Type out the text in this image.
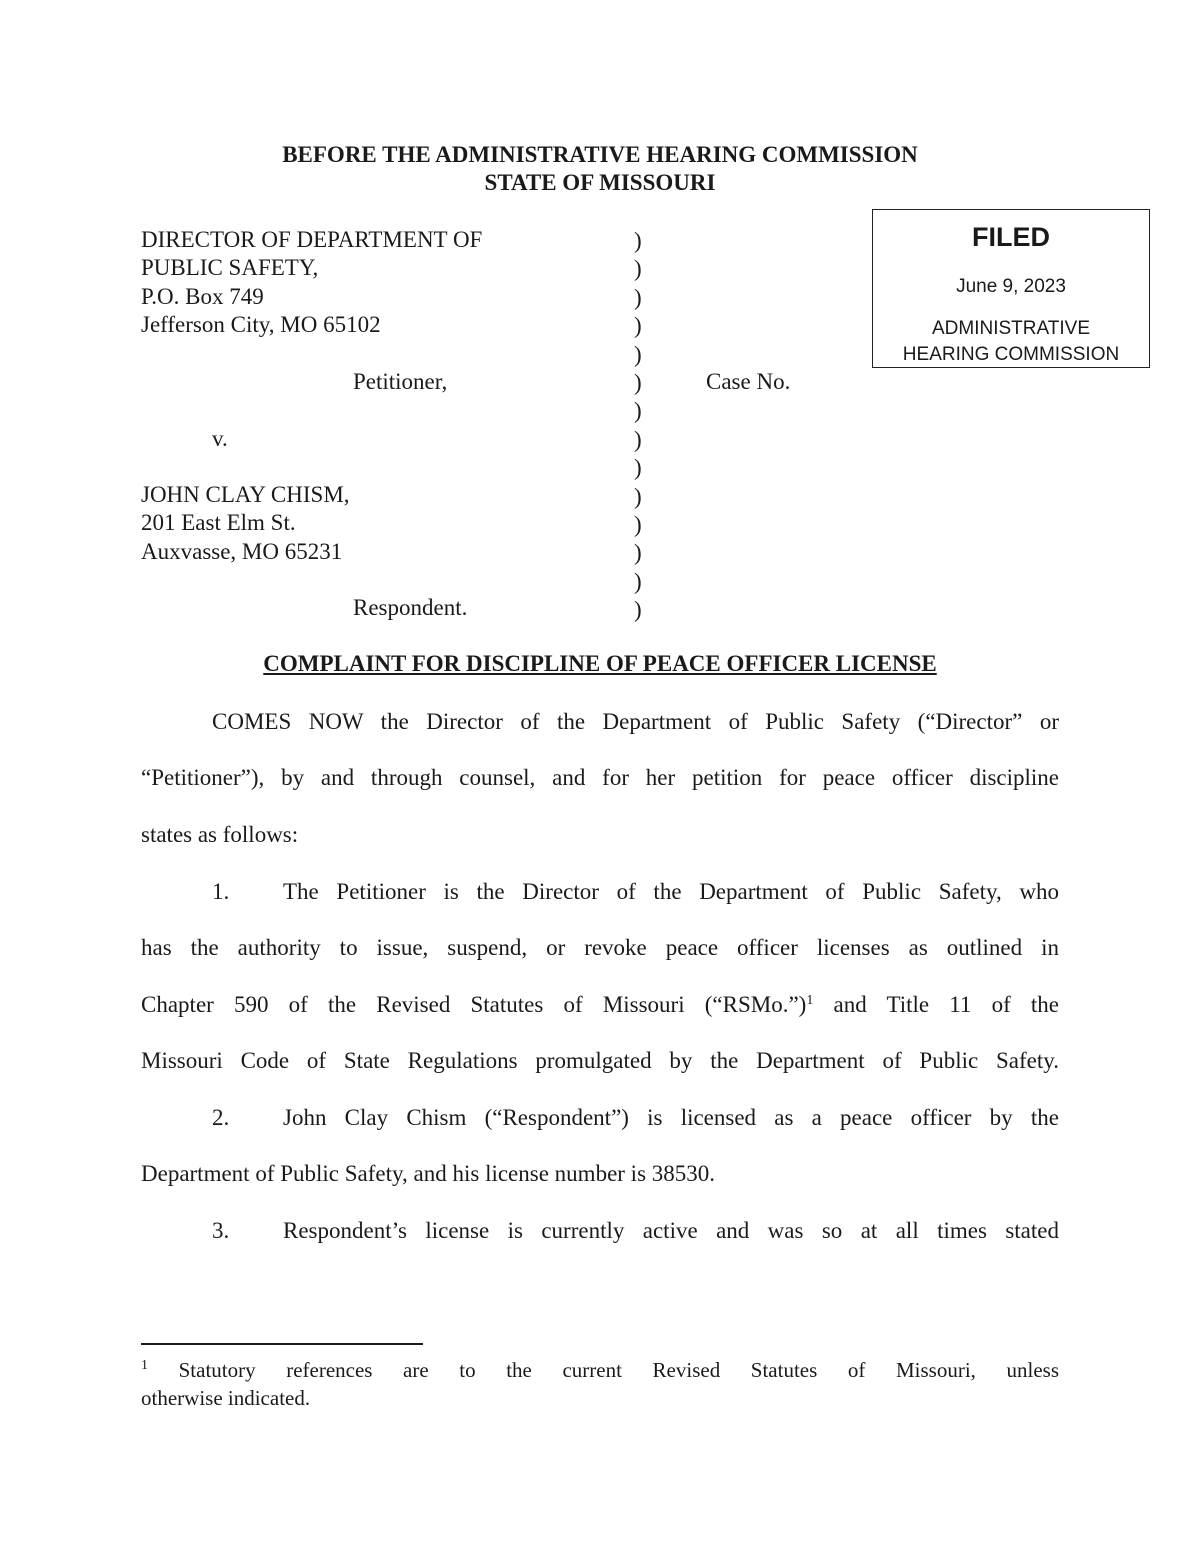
BEFORE THE ADMINISTRATIVE HEARING COMMISSION
STATE OF MISSOURI
FILED
June 9, 2023
ADMINISTRATIVE
HEARING COMMISSION
DIRECTOR OF DEPARTMENT OF
PUBLIC SAFETY,
P.O. Box 749
Jefferson City, MO 65102
Petitioner,
v.
JOHN CLAY CHISM,
201 East Elm St.
Auxvasse, MO 65231
Respondent.
Case No.
)
)
)
)
)
)
)
)
)
)
)
)
)
)
COMPLAINT FOR DISCIPLINE OF PEACE OFFICER LICENSE
COMES NOW the Director of the Department of Public Safety (“Director” or
“Petitioner”), by and through counsel, and for her petition for peace officer discipline
states as follows:
1. The Petitioner is the Director of the Department of Public Safety, who
has the authority to issue, suspend, or revoke peace officer licenses as outlined in
Chapter 590 of the Revised Statutes of Missouri (“RSMo.”)$^1$ and Title 11 of the
Missouri Code of State Regulations promulgated by the Department of Public Safety.
2. John Clay Chism (“Respondent”) is licensed as a peace officer by the
Department of Public Safety, and his license number is 38530.
3. Respondent’s license is currently active and was so at all times stated
$^1$ Statutory references are to the current Revised Statutes of Missouri, unless
otherwise indicated.
